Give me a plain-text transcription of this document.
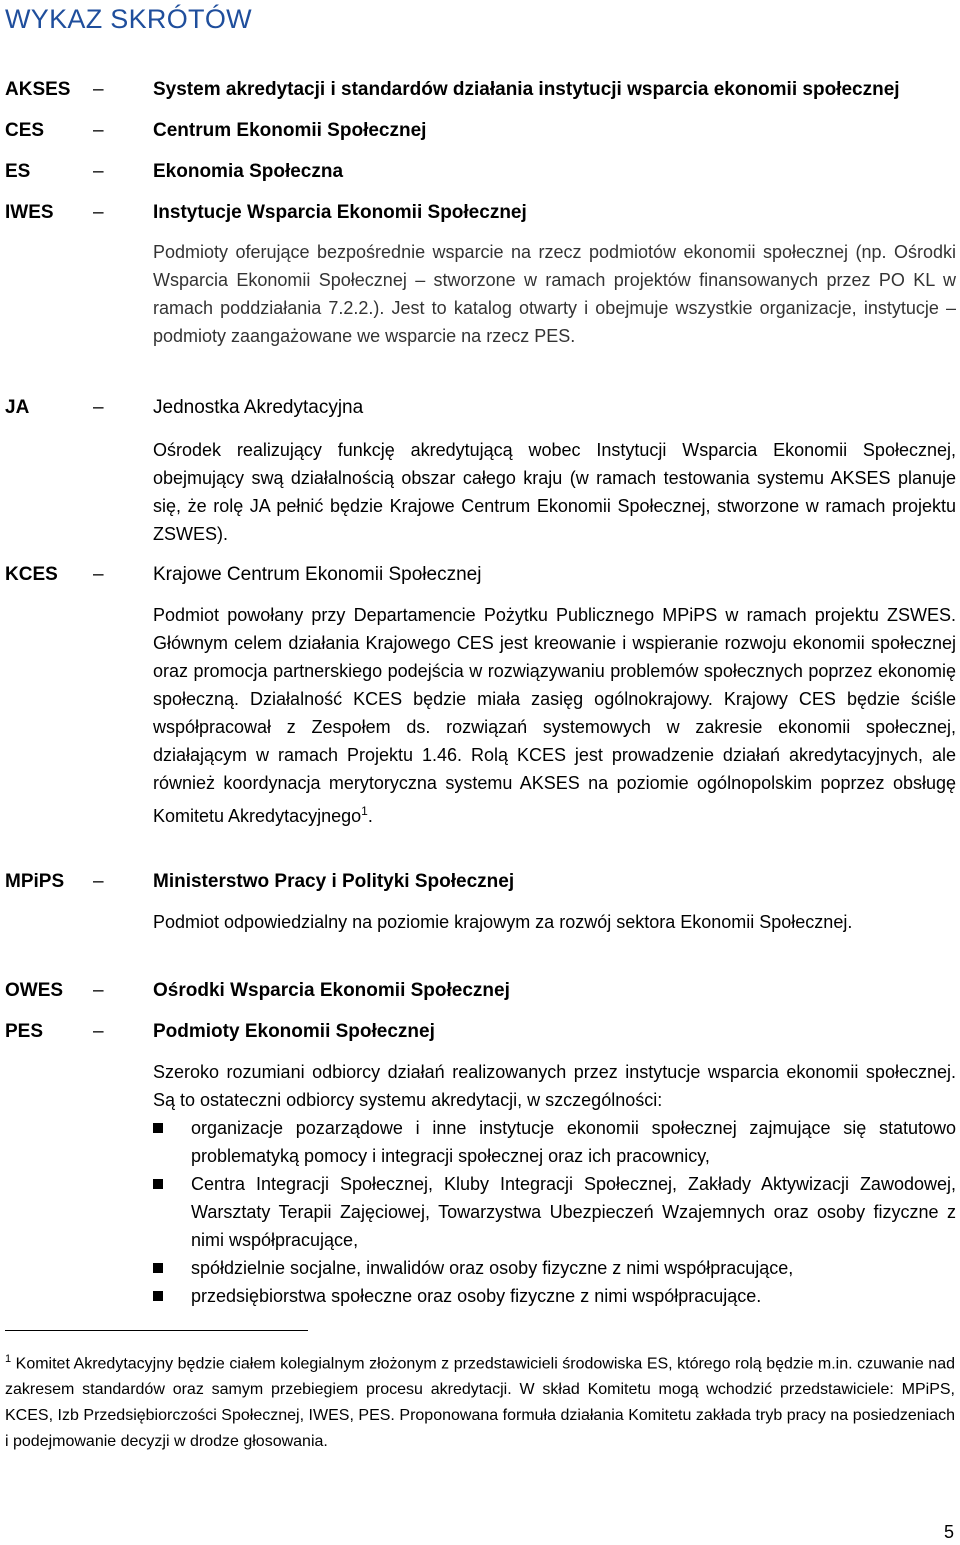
WYKAZ SKRÓTÓW
AKSES –	System akredytacji i standardów działania instytucji wsparcia ekonomii społecznej
CES	–	Centrum Ekonomii Społecznej
ES	–	Ekonomia Społeczna
IWES –	Instytucje Wsparcia Ekonomii Społecznej
Podmioty oferujące bezpośrednie wsparcie na rzecz podmiotów ekonomii społecznej (np. Ośrodki Wsparcia Ekonomii Społecznej – stworzone w ramach projektów finansowanych przez PO KL w ramach poddziałania 7.2.2.). Jest to katalog otwarty i obejmuje wszystkie organizacje, instytucje – podmioty zaangażowane we wsparcie na rzecz PES.
JA	–	Jednostka Akredytacyjna
Ośrodek realizujący funkcję akredytującą wobec Instytucji Wsparcia Ekonomii Społecznej, obejmujący swą działalnością obszar całego kraju (w ramach testowania systemu AKSES planuje się, że rolę JA pełnić będzie Krajowe Centrum Ekonomii Społecznej, stworzone w ramach projektu ZSWES).
KCES –	Krajowe Centrum Ekonomii Społecznej
Podmiot powołany przy Departamencie Pożytku Publicznego MPiPS w ramach projektu ZSWES. Głównym celem działania Krajowego CES jest kreowanie i wspieranie rozwoju ekonomii społecznej oraz promocja partnerskiego podejścia w rozwiązywaniu problemów społecznych poprzez ekonomię społeczną. Działalność KCES będzie miała zasięg ogólnokrajowy. Krajowy CES będzie ściśle współpracował z Zespołem ds. rozwiązań systemowych w zakresie ekonomii społecznej, działającym w ramach Projektu 1.46. Rolą KCES jest prowadzenie działań akredytacyjnych, ale również koordynacja merytoryczna systemu AKSES na poziomie ogólnopolskim poprzez obsługę Komitetu Akredytacyjnego$^1$.
MPiPS –	Ministerstwo Pracy i Polityki Społecznej
Podmiot odpowiedzialny na poziomie krajowym za rozwój sektora Ekonomii Społecznej.
OWES –	Ośrodki Wsparcia Ekonomii Społecznej
PES	–	Podmioty Ekonomii Społecznej
Szeroko rozumiani odbiorcy działań realizowanych przez instytucje wsparcia ekonomii społecznej. Są to ostateczni odbiorcy systemu akredytacji, w szczególności:
organizacje pozarządowe i inne instytucje ekonomii społecznej zajmujące się statutowo problematyką pomocy i integracji społecznej oraz ich pracownicy,
Centra Integracji Społecznej, Kluby Integracji Społecznej, Zakłady Aktywizacji Zawodowej, Warsztaty Terapii Zajęciowej, Towarzystwa Ubezpieczeń Wzajemnych oraz osoby fizyczne z nimi współpracujące,
spółdzielnie socjalne, inwalidów oraz osoby fizyczne z nimi współpracujące,
przedsiębiorstwa społeczne oraz osoby fizyczne z nimi współpracujące.
$^1$ Komitet Akredytacyjny będzie ciałem kolegialnym złożonym z przedstawicieli środowiska ES, którego rolą będzie m.in. czuwanie nad zakresem standardów oraz samym przebiegiem procesu akredytacji. W skład Komitetu mogą wchodzić przedstawiciele: MPiPS, KCES, Izb Przedsiębiorczości Społecznej, IWES, PES. Proponowana formuła działania Komitetu zakłada tryb pracy na posiedzeniach i podejmowanie decyzji w drodze głosowania.
5
